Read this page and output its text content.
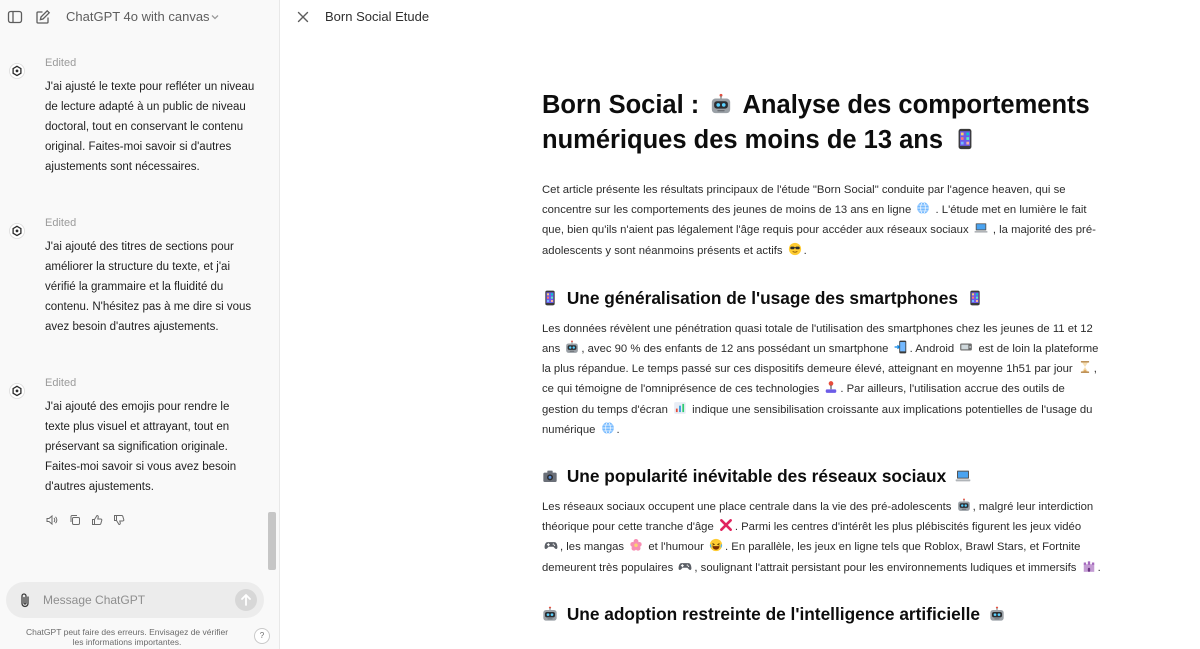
ChatGPT 4o with canvas
Edited
J'ai ajusté le texte pour refléter un niveau de lecture adapté à un public de niveau doctoral, tout en conservant le contenu original. Faites-moi savoir si d'autres ajustements sont nécessaires.
Edited
J'ai ajouté des titres de sections pour améliorer la structure du texte, et j'ai vérifié la grammaire et la fluidité du contenu. N'hésitez pas à me dire si vous avez besoin d'autres ajustements.
Edited
J'ai ajouté des emojis pour rendre le texte plus visuel et attrayant, tout en préservant sa signification originale. Faites-moi savoir si vous avez besoin d'autres ajustements.
Message ChatGPT
ChatGPT peut faire des erreurs. Envisagez de vérifier les informations importantes.
?
Born Social Etude
Born Social : Analyse des comportements numériques des moins de 13 ans

Cet article présente les résultats principaux de l'étude "Born Social" conduite par l'agence heaven, qui se concentre sur les comportements des jeunes de moins de 13 ans en ligne . L'étude met en lumière le fait que, bien qu'ils n'aient pas légalement l'âge requis pour accéder aux réseaux sociaux , la majorité des pré-adolescents y sont néanmoins présents et actifs .

Une généralisation de l'usage des smartphones

Les données révèlent une pénétration quasi totale de l'utilisation des smartphones chez les jeunes de 11 et 12 ans , avec 90 % des enfants de 12 ans possédant un smartphone . Android est de loin la plateforme la plus répandue. Le temps passé sur ces dispositifs demeure élevé, atteignant en moyenne 1h51 par jour , ce qui témoigne de l'omniprésence de ces technologies . Par ailleurs, l'utilisation accrue des outils de gestion du temps d'écran indique une sensibilisation croissante aux implications potentielles de l'usage du numérique .

Une popularité inévitable des réseaux sociaux

Les réseaux sociaux occupent une place centrale dans la vie des pré-adolescents , malgré leur interdiction théorique pour cette tranche d'âge . Parmi les centres d'intérêt les plus plébiscités figurent les jeux vidéo , les mangas et l'humour . En parallèle, les jeux en ligne tels que Roblox, Brawl Stars, et Fortnite demeurent très populaires , soulignant l'attrait persistant pour les environnements ludiques et immersifs .

Une adoption restreinte de l'intelligence artificielle
